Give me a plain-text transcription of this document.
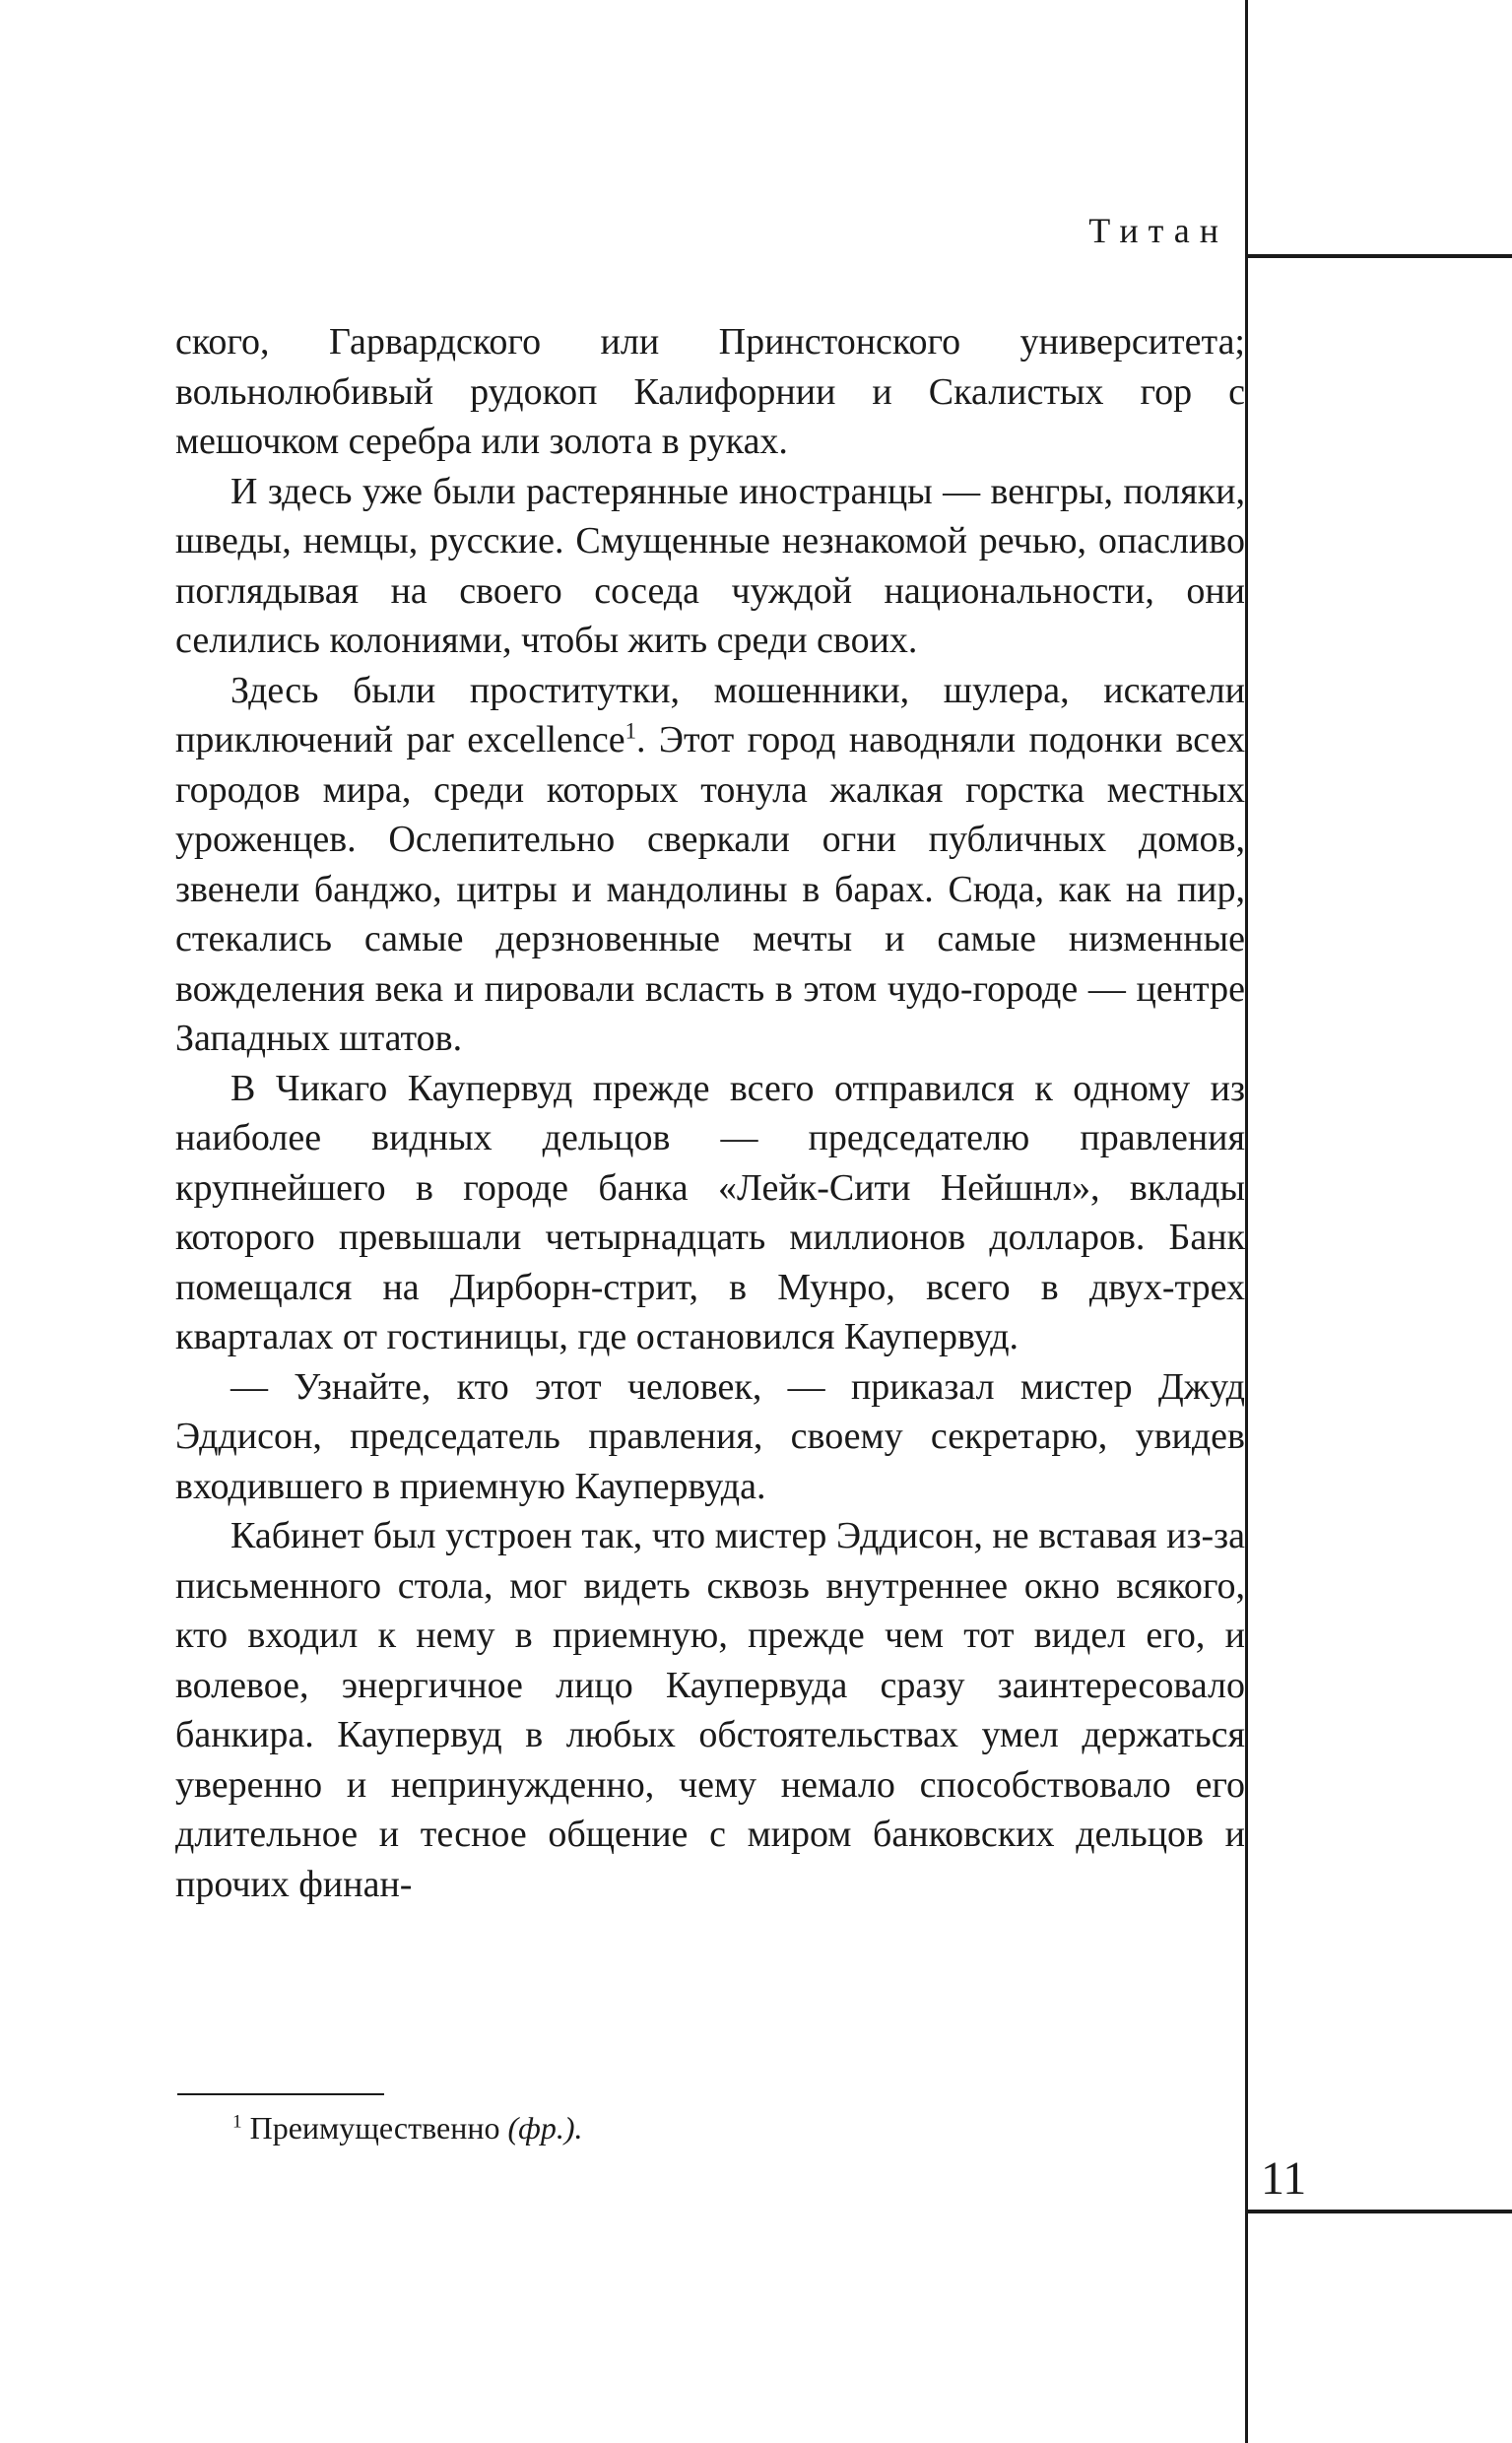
Титан

ского, Гарвардского или Принстонского университета; вольнолюбивый рудокоп Калифорнии и Скалистых гор с мешочком серебра или золота в руках.

И здесь уже были растерянные иностранцы — венгры, поляки, шведы, немцы, русские. Смущенные незнакомой речью, опасливо поглядывая на своего соседа чуждой национальности, они селились колониями, чтобы жить среди своих.

Здесь были проститутки, мошенники, шулера, искатели приключений par excellence$^1$. Этот город наводняли подонки всех городов мира, среди которых тонула жалкая горстка местных уроженцев. Ослепительно сверкали огни публичных домов, звенели банджо, цитры и мандолины в барах. Сюда, как на пир, стекались самые дерзновенные мечты и самые низменные вожделения века и пировали всласть в этом чудо-городе — центре Западных штатов.

В Чикаго Каупервуд прежде всего отправился к одному из наиболее видных дельцов — председателю правления крупнейшего в городе банка «Лейк-Сити Нейшнл», вклады которого превышали четырнадцать миллионов долларов. Банк помещался на Дирборн-стрит, в Мунро, всего в двух-трех кварталах от гостиницы, где остановился Каупервуд.

— Узнайте, кто этот человек, — приказал мистер Джуд Эддисон, председатель правления, своему секретарю, увидев входившего в приемную Каупервуда.

Кабинет был устроен так, что мистер Эддисон, не вставая из-за письменного стола, мог видеть сквозь внутреннее окно всякого, кто входил к нему в приемную, прежде чем тот видел его, и волевое, энергичное лицо Каупервуда сразу заинтересовало банкира. Каупервуд в любых обстоятельствах умел держаться уверенно и непринужденно, чему немало способствовало его длительное и тесное общение с миром банковских дельцов и прочих финан-

$^1$ Преимущественно (фр.).
11
